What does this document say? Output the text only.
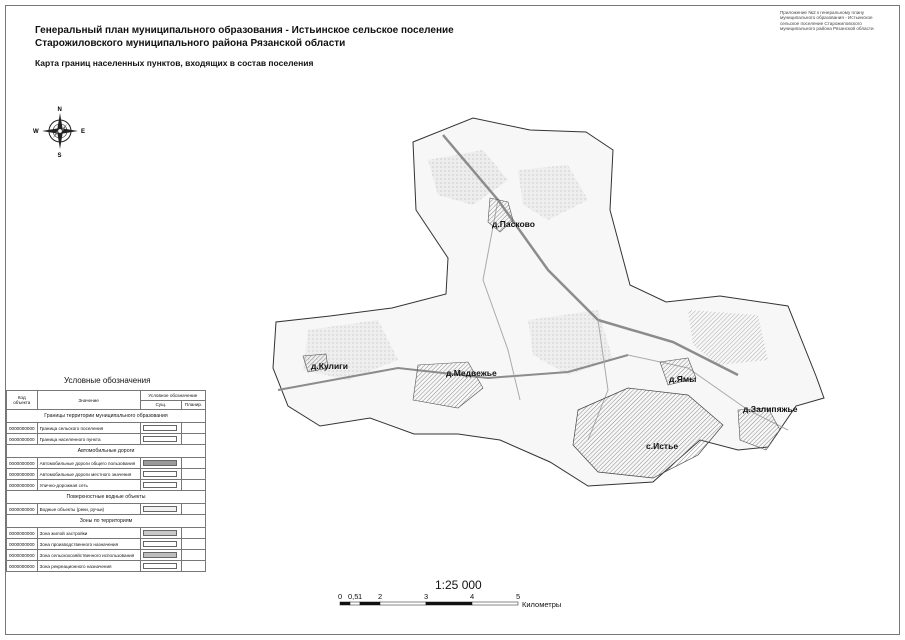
Генеральный план муниципального образования - Истьинское сельское поселение
Старожиловского муниципального района Рязанской области
Карта границ населенных пунктов, входящих в состав поселения
Приложение №2 к генеральному плану муниципального образования - Истьинское сельское поселение Старожиловского муниципального района Рязанской области
N
S
W	E
д.Пасково
д.Кулиги
д.Медвежье
д.Ямы
д.Залипяжье
с.Истье
Условные обозначения
Код объекта	Значение	Условное обозначение	
		Сущ.	Планир.
Границы территории муниципального образования			
0000000000	Граница сельского поселения		
0000000000	Граница населенного пункта		
Автомобильные дороги			
0000000000	Автомобильные дороги общего пользования		
0000000000	Автомобильные дороги местного значения		
0000000000	Улично-дорожная сеть		
Поверхностные водные объекты			
0000000000	Водные объекты (реки, ручьи)		
Зоны по территориям			
0000000000	Зона жилой застройки		
0000000000	Зона производственного назначения		
0000000000	Зона сельскохозяйственного использования		
0000000000	Зона рекреационного назначения		
1:25 000
0 0,5 1 2	3	4	5
Километры
